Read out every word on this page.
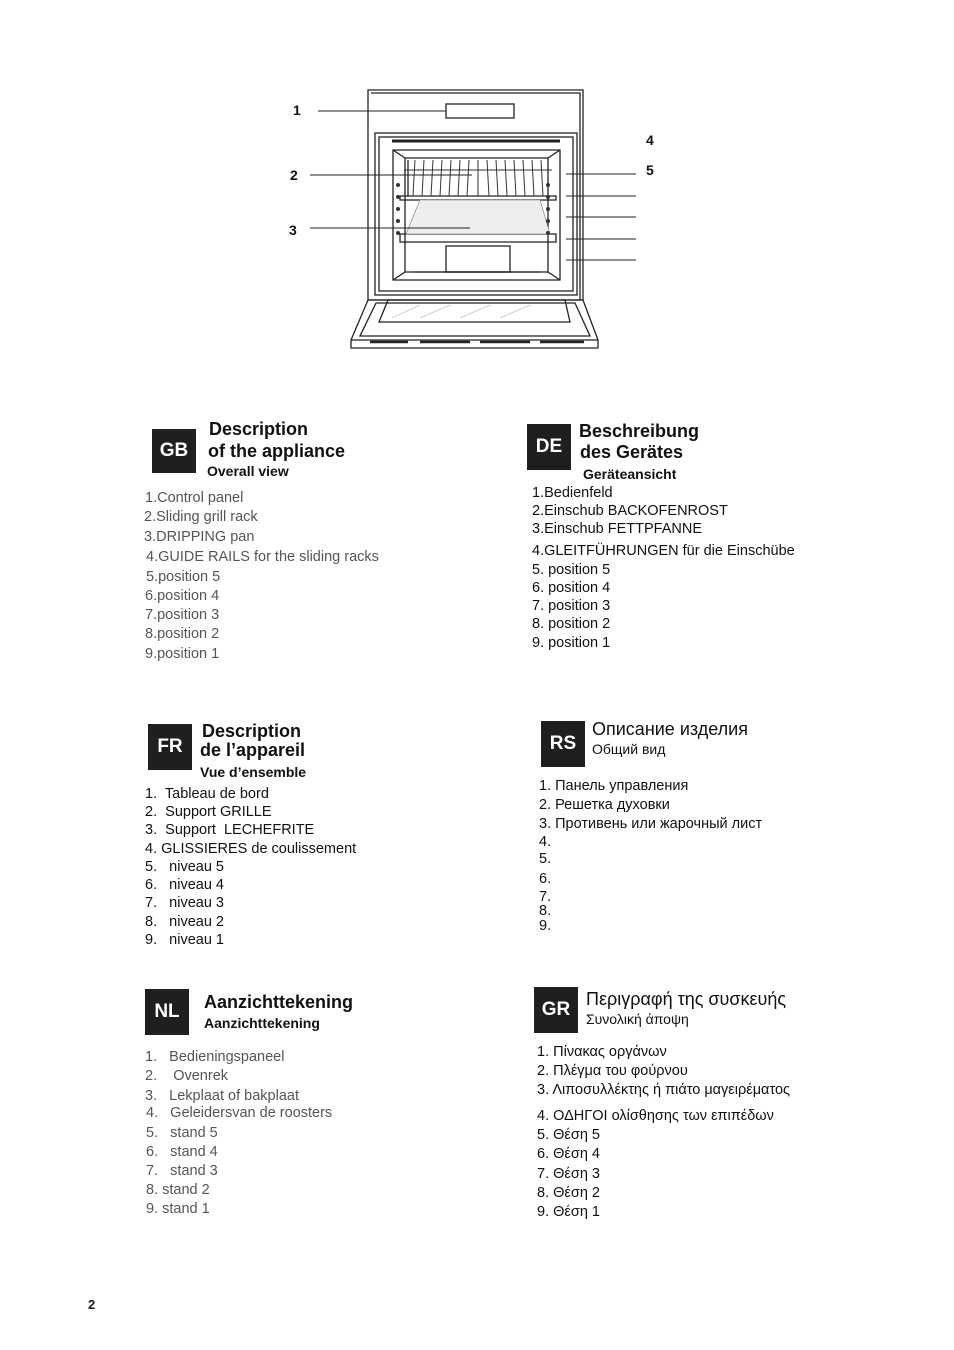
1
2
3
4
5
GB
Description
of the appliance
Overall view
1.Control panel
2.Sliding grill rack
3.DRIPPING pan
4.GUIDE RAILS for the sliding racks
5.position 5
6.position 4
7.position 3
8.position 2
9.position 1
DE
Beschreibung
des Gerätes
Geräteansicht
1.Bedienfeld
2.Einschub BACKOFENROST
3.Einschub FETTPFANNE
4.GLEITFÜHRUNGEN für die Einschübe
5. position 5
6. position 4
7. position 3
8. position 2
9. position 1
FR
Description
de l’appareil
Vue d’ensemble
1.  Tableau de bord
2.  Support GRILLE
3.  Support  LECHEFRITE
4. GLISSIERES de coulissement
5.   niveau 5
6.   niveau 4
7.   niveau 3
8.   niveau 2
9.   niveau 1
RS
Описание изделия
Общий вид
1. Панель управления
2. Решетка духовки
3. Противень или жарочный лист
4.
5.
6.
7.
8.
9.
NL	Aanzichttekening
Aanzichttekening
1.   Bedieningspaneel
2.    Ovenrek
3.   Lekplaat of bakplaat
4.   Geleidersvan de roosters
5.   stand 5
6.   stand 4
7.   stand 3
8. stand 2
9. stand 1
GR Περιγραφή της συσκευής
Συνολική άποψη
1. Πίνακας οργάνων
2. Πλέγμα του φούρνου
3. Λιποσυλλέκτης ή πιάτο μαγειρέματος
4. ΟΔΗΓΟΙ ολίσθησης των επιπέδων
5. Θέση 5
6. Θέση 4
7. Θέση 3
8. Θέση 2
9. Θέση 1
2
